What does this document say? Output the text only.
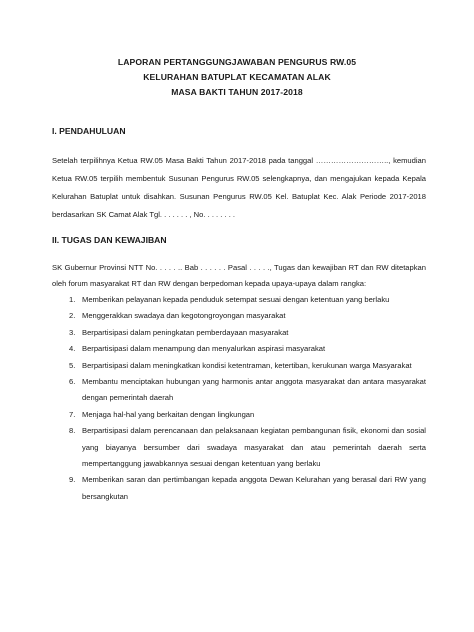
LAPORAN PERTANGGUNGJAWABAN PENGURUS RW.05
KELURAHAN BATUPLAT KECAMATAN ALAK
MASA BAKTI TAHUN 2017-2018
I. PENDAHULUAN

Setelah terpilihnya Ketua RW.05 Masa Bakti Tahun 2017-2018 pada tanggal ……………………….., kemudian Ketua RW.05 terpilih membentuk Susunan Pengurus RW.05 selengkapnya, dan mengajukan kepada Kepala Kelurahan Batuplat untuk disahkan. Susunan Pengurus RW.05 Kel. Batuplat Kec. Alak Periode 2017-2018 berdasarkan SK Camat Alak Tgl. . . . . . . , No. . . . . . . .

II. TUGAS DAN KEWAJIBAN

SK Gubernur Provinsi NTT No. . . . . .. Bab . . . . . . Pasal . . . . ., Tugas dan kewajiban RT dan RW ditetapkan oleh forum masyarakat RT dan RW dengan berpedoman kepada upaya-upaya dalam rangka:

1. Memberikan pelayanan kepada penduduk setempat sesuai dengan ketentuan yang berlaku
2. Menggerakkan swadaya dan kegotongroyongan masyarakat
3. Berpartisipasi dalam peningkatan pemberdayaan masyarakat
4. Berpartisipasi dalam menampung dan menyalurkan aspirasi masyarakat
5. Berpartisipasi dalam meningkatkan kondisi ketentraman, ketertiban, kerukunan warga Masyarakat
6. Membantu menciptakan hubungan yang harmonis antar anggota masyarakat dan antara masyarakat dengan pemerintah daerah
7. Menjaga hal-hal yang berkaitan dengan lingkungan
8. Berpartisipasi dalam perencanaan dan pelaksanaan kegiatan pembangunan fisik, ekonomi dan sosial yang biayanya bersumber dari swadaya masyarakat dan atau pemerintah daerah serta mempertanggung jawabkannya sesuai dengan ketentuan yang berlaku
9. Memberikan saran dan pertimbangan kepada anggota Dewan Kelurahan yang berasal dari RW yang bersangkutan
